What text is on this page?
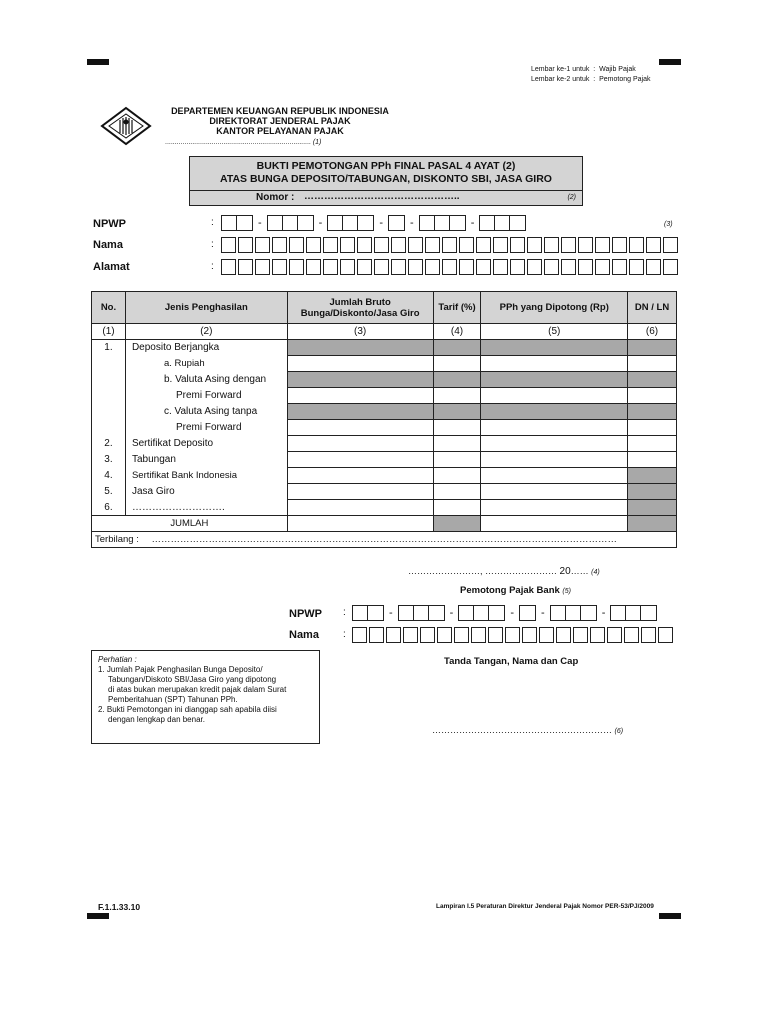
Lembar ke-1 untuk  :  Wajib Pajak
Lembar ke-2 untuk  :  Pemotong Pajak
DEPARTEMEN KEUANGAN REPUBLIK INDONESIA
DIREKTORAT JENDERAL PAJAK
KANTOR PELAYANAN PAJAK
........................................................................... (1)
BUKTI PEMOTONGAN PPh FINAL PASAL 4 AYAT (2)
ATAS BUNGA DEPOSITO/TABUNGAN, DISKONTO SBI, JASA GIRO
Nomor : ………………………………………..	(2)
NPWP	:	-	-	- -	-	(3)
Nama	:
Alamat	:
No.	Jenis Penghasilan	Jumlah Bruto Bunga/Diskonto/Jasa Giro	Tarif (%)	PPh yang Dipotong (Rp)	DN / LN
(1)	(2)	(3)	(4)	(5)	(6)
1.	Deposito Berjangka				
	a. Rupiah				
	b. Valuta Asing dengan				
	Premi Forward				
	c. Valuta Asing tanpa				
	Premi Forward				
2.	Sertifikat Deposito				
3.	Tabungan				
4.	Sertifikat Bank Indonesia				
5.	Jasa Giro				
6.	……………………….				
JUMLAH					
Terbilang : …………………………………………………………………………………………………………………………………					
……………………, …………………… 20…… (4)
Pemotong Pajak Bank (5)
NPWP :	-	-	- -	-
Nama :
Tanda Tangan, Nama dan Cap
…………………………………………………… (6)
Perhatian :
1. Jumlah Pajak Penghasilan Bunga Deposito/
Tabungan/Diskoto SBI/Jasa Giro yang dipotong
di atas bukan merupakan kredit pajak dalam Surat
Pemberitahuan (SPT) Tahunan PPh.
2. Bukti Pemotongan ini dianggap sah apabila diisi
dengan lengkap dan benar.
F.1.1.33.10	Lampiran I.5 Peraturan Direktur Jenderal Pajak Nomor PER-53/PJ/2009
